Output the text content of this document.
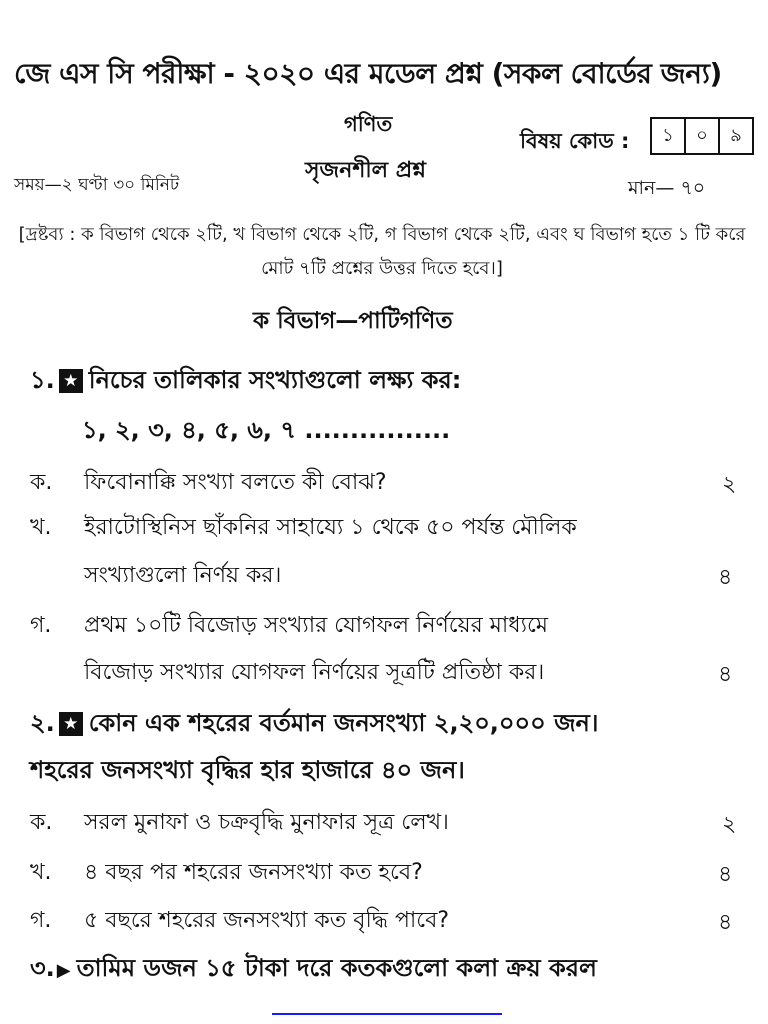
জে এস সি পরীক্ষা - ২০২০ এর মডেল প্রশ্ন (সকল বোর্ডের জন্য)
গণিত
বিষয় কোড :	১	০	৯
সৃজনশীল প্রশ্ন
সময়—২ ঘণ্টা ৩০ মিনিট	মান— ৭০
[দ্রষ্টব্য : ক বিভাগ থেকে ২টি, খ বিভাগ থেকে ২টি, গ বিভাগ থেকে ২টি, এবং ঘ বিভাগ হতে ১ টি করে মোট ৭টি প্রশ্নের উত্তর দিতে হবে।]
ক বিভাগ—পাটিগণিত
১. ★ নিচের তালিকার সংখ্যাগুলো লক্ষ্য কর:
১, ২, ৩, ৪, ৫, ৬, ৭ ................
ক. ফিবোনাক্কি সংখ্যা বলতে কী বোঝ?	২
খ. ইরাটোস্থিনিস ছাঁকনির সাহায্যে ১ থেকে ৫০ পর্যন্ত মৌলিক
সংখ্যাগুলো নির্ণয় কর।	৪
গ. প্রথম ১০টি বিজোড় সংখ্যার যোগফল নির্ণয়ের মাধ্যমে
বিজোড় সংখ্যার যোগফল নির্ণয়ের সূত্রটি প্রতিষ্ঠা কর।	৪
২. ★ কোন এক শহরের বর্তমান জনসংখ্যা ২,২০,০০০ জন।
শহরের জনসংখ্যা বৃদ্ধির হার হাজারে ৪০ জন।
ক. সরল মুনাফা ও চক্রবৃদ্ধি মুনাফার সূত্র লেখ।	২
খ. ৪ বছর পর শহরের জনসংখ্যা কত হবে?	৪
গ. ৫ বছরে শহরের জনসংখ্যা কত বৃদ্ধি পাবে?	৪
৩. ▶ তামিম ডজন ১৫ টাকা দরে কতকগুলো কলা ক্রয় করল
